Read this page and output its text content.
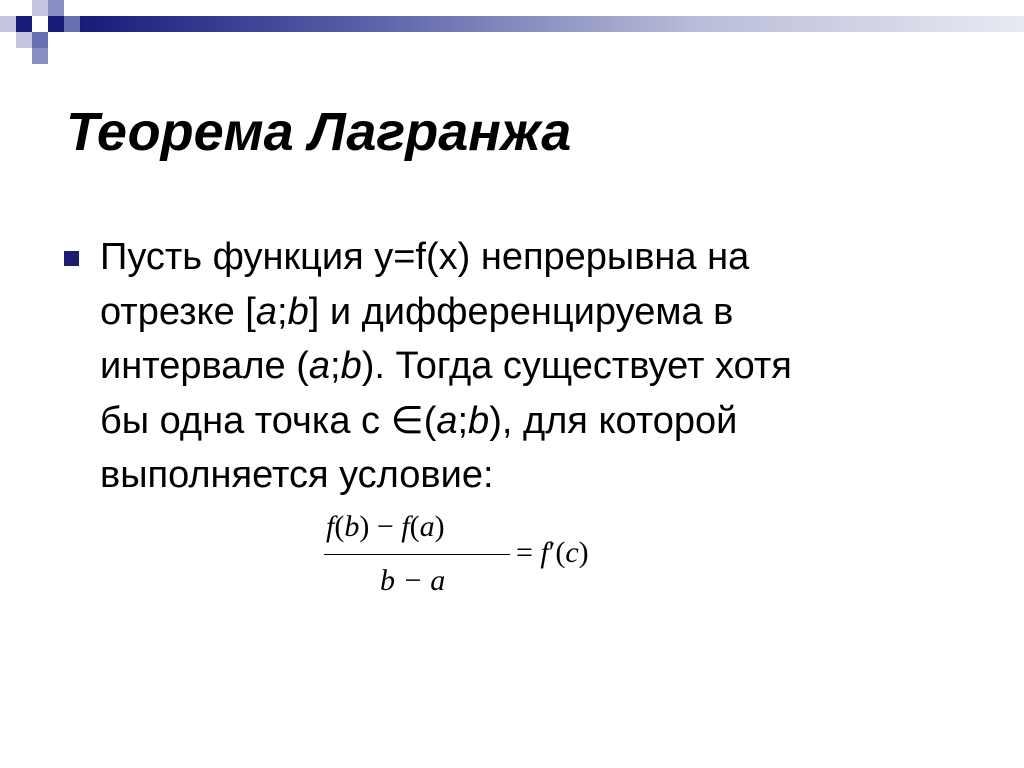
Теорема Лагранжа

Пусть функция y=f(x) непрерывна на
отрезке [a;b] и дифференцируема в
интервале (a;b). Тогда существует хотя
бы одна точка с ∈(a;b), для которой
выполняется условие:

f(b) − f(a)
b − a
= f′(c)
